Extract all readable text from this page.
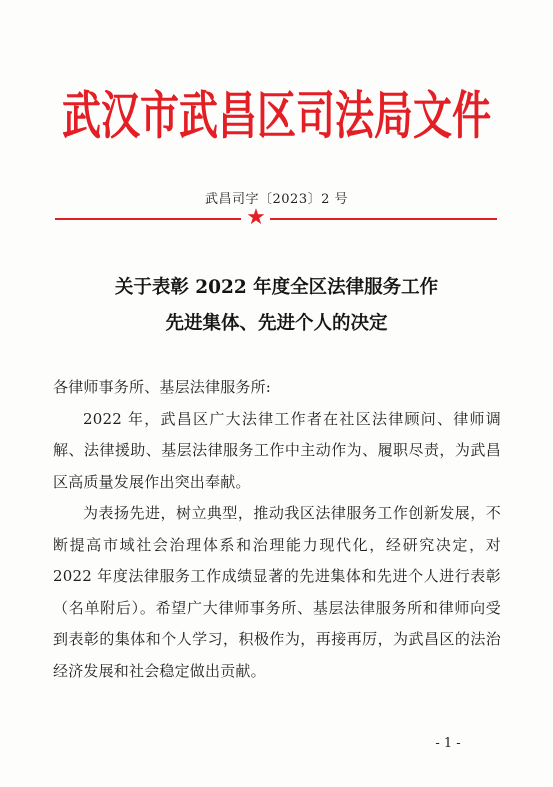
武汉市武昌区司法局文件
武昌司字〔2023〕2 号
★
关于表彰 2022 年度全区法律服务工作
先进集体、先进个人的决定

各律师事务所、基层法律服务所:

2022 年，武昌区广大法律工作者在社区法律顾问、律师调解、法律援助、基层法律服务工作中主动作为、履职尽责，为武昌区高质量发展作出突出奉献。

为表扬先进，树立典型，推动我区法律服务工作创新发展，不断提高市域社会治理体系和治理能力现代化，经研究决定，对 2022 年度法律服务工作成绩显著的先进集体和先进个人进行表彰（名单附后）。希望广大律师事务所、基层法律服务所和律师向受到表彰的集体和个人学习，积极作为，再接再厉，为武昌区的法治经济发展和社会稳定做出贡献。

- 1 -
